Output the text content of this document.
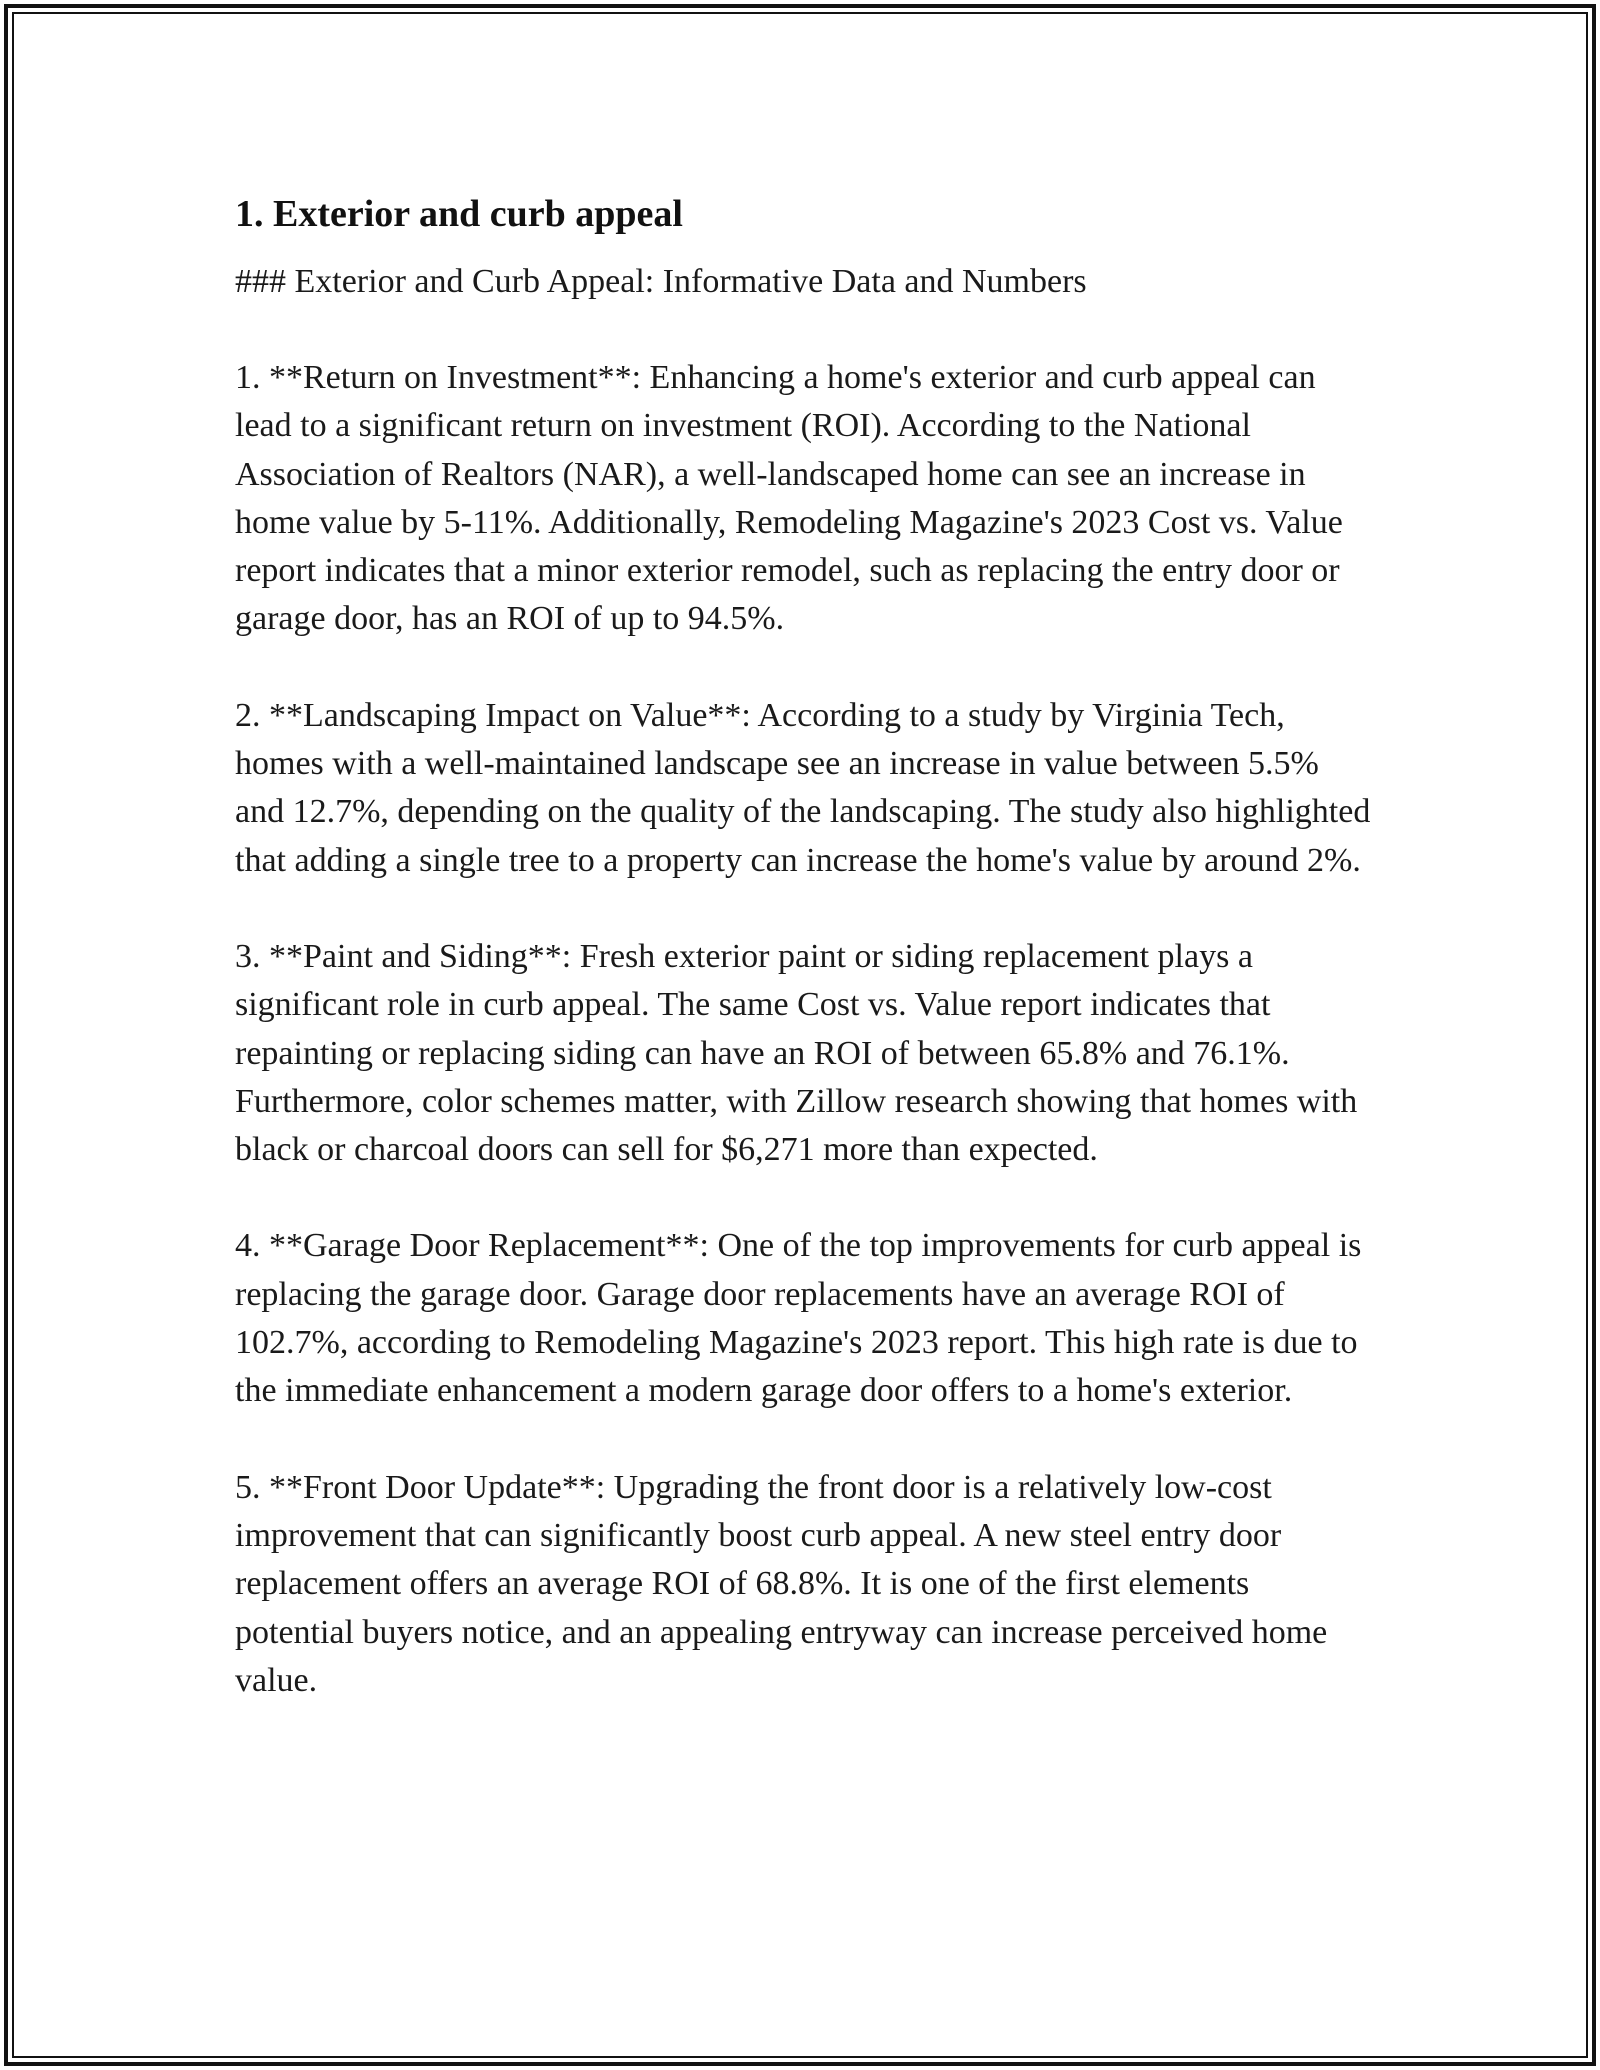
1. Exterior and curb appeal

### Exterior and Curb Appeal: Informative Data and Numbers

1. **Return on Investment**: Enhancing a home's exterior and curb appeal can lead to a significant return on investment (ROI). According to the National Association of Realtors (NAR), a well-landscaped home can see an increase in home value by 5-11%. Additionally, Remodeling Magazine's 2023 Cost vs. Value report indicates that a minor exterior remodel, such as replacing the entry door or garage door, has an ROI of up to 94.5%.

2. **Landscaping Impact on Value**: According to a study by Virginia Tech, homes with a well-maintained landscape see an increase in value between 5.5% and 12.7%, depending on the quality of the landscaping. The study also highlighted that adding a single tree to a property can increase the home's value by around 2%.

3. **Paint and Siding**: Fresh exterior paint or siding replacement plays a significant role in curb appeal. The same Cost vs. Value report indicates that repainting or replacing siding can have an ROI of between 65.8% and 76.1%. Furthermore, color schemes matter, with Zillow research showing that homes with black or charcoal doors can sell for $6,271 more than expected.

4. **Garage Door Replacement**: One of the top improvements for curb appeal is replacing the garage door. Garage door replacements have an average ROI of 102.7%, according to Remodeling Magazine's 2023 report. This high rate is due to the immediate enhancement a modern garage door offers to a home's exterior.

5. **Front Door Update**: Upgrading the front door is a relatively low-cost improvement that can significantly boost curb appeal. A new steel entry door replacement offers an average ROI of 68.8%. It is one of the first elements potential buyers notice, and an appealing entryway can increase perceived home value.
